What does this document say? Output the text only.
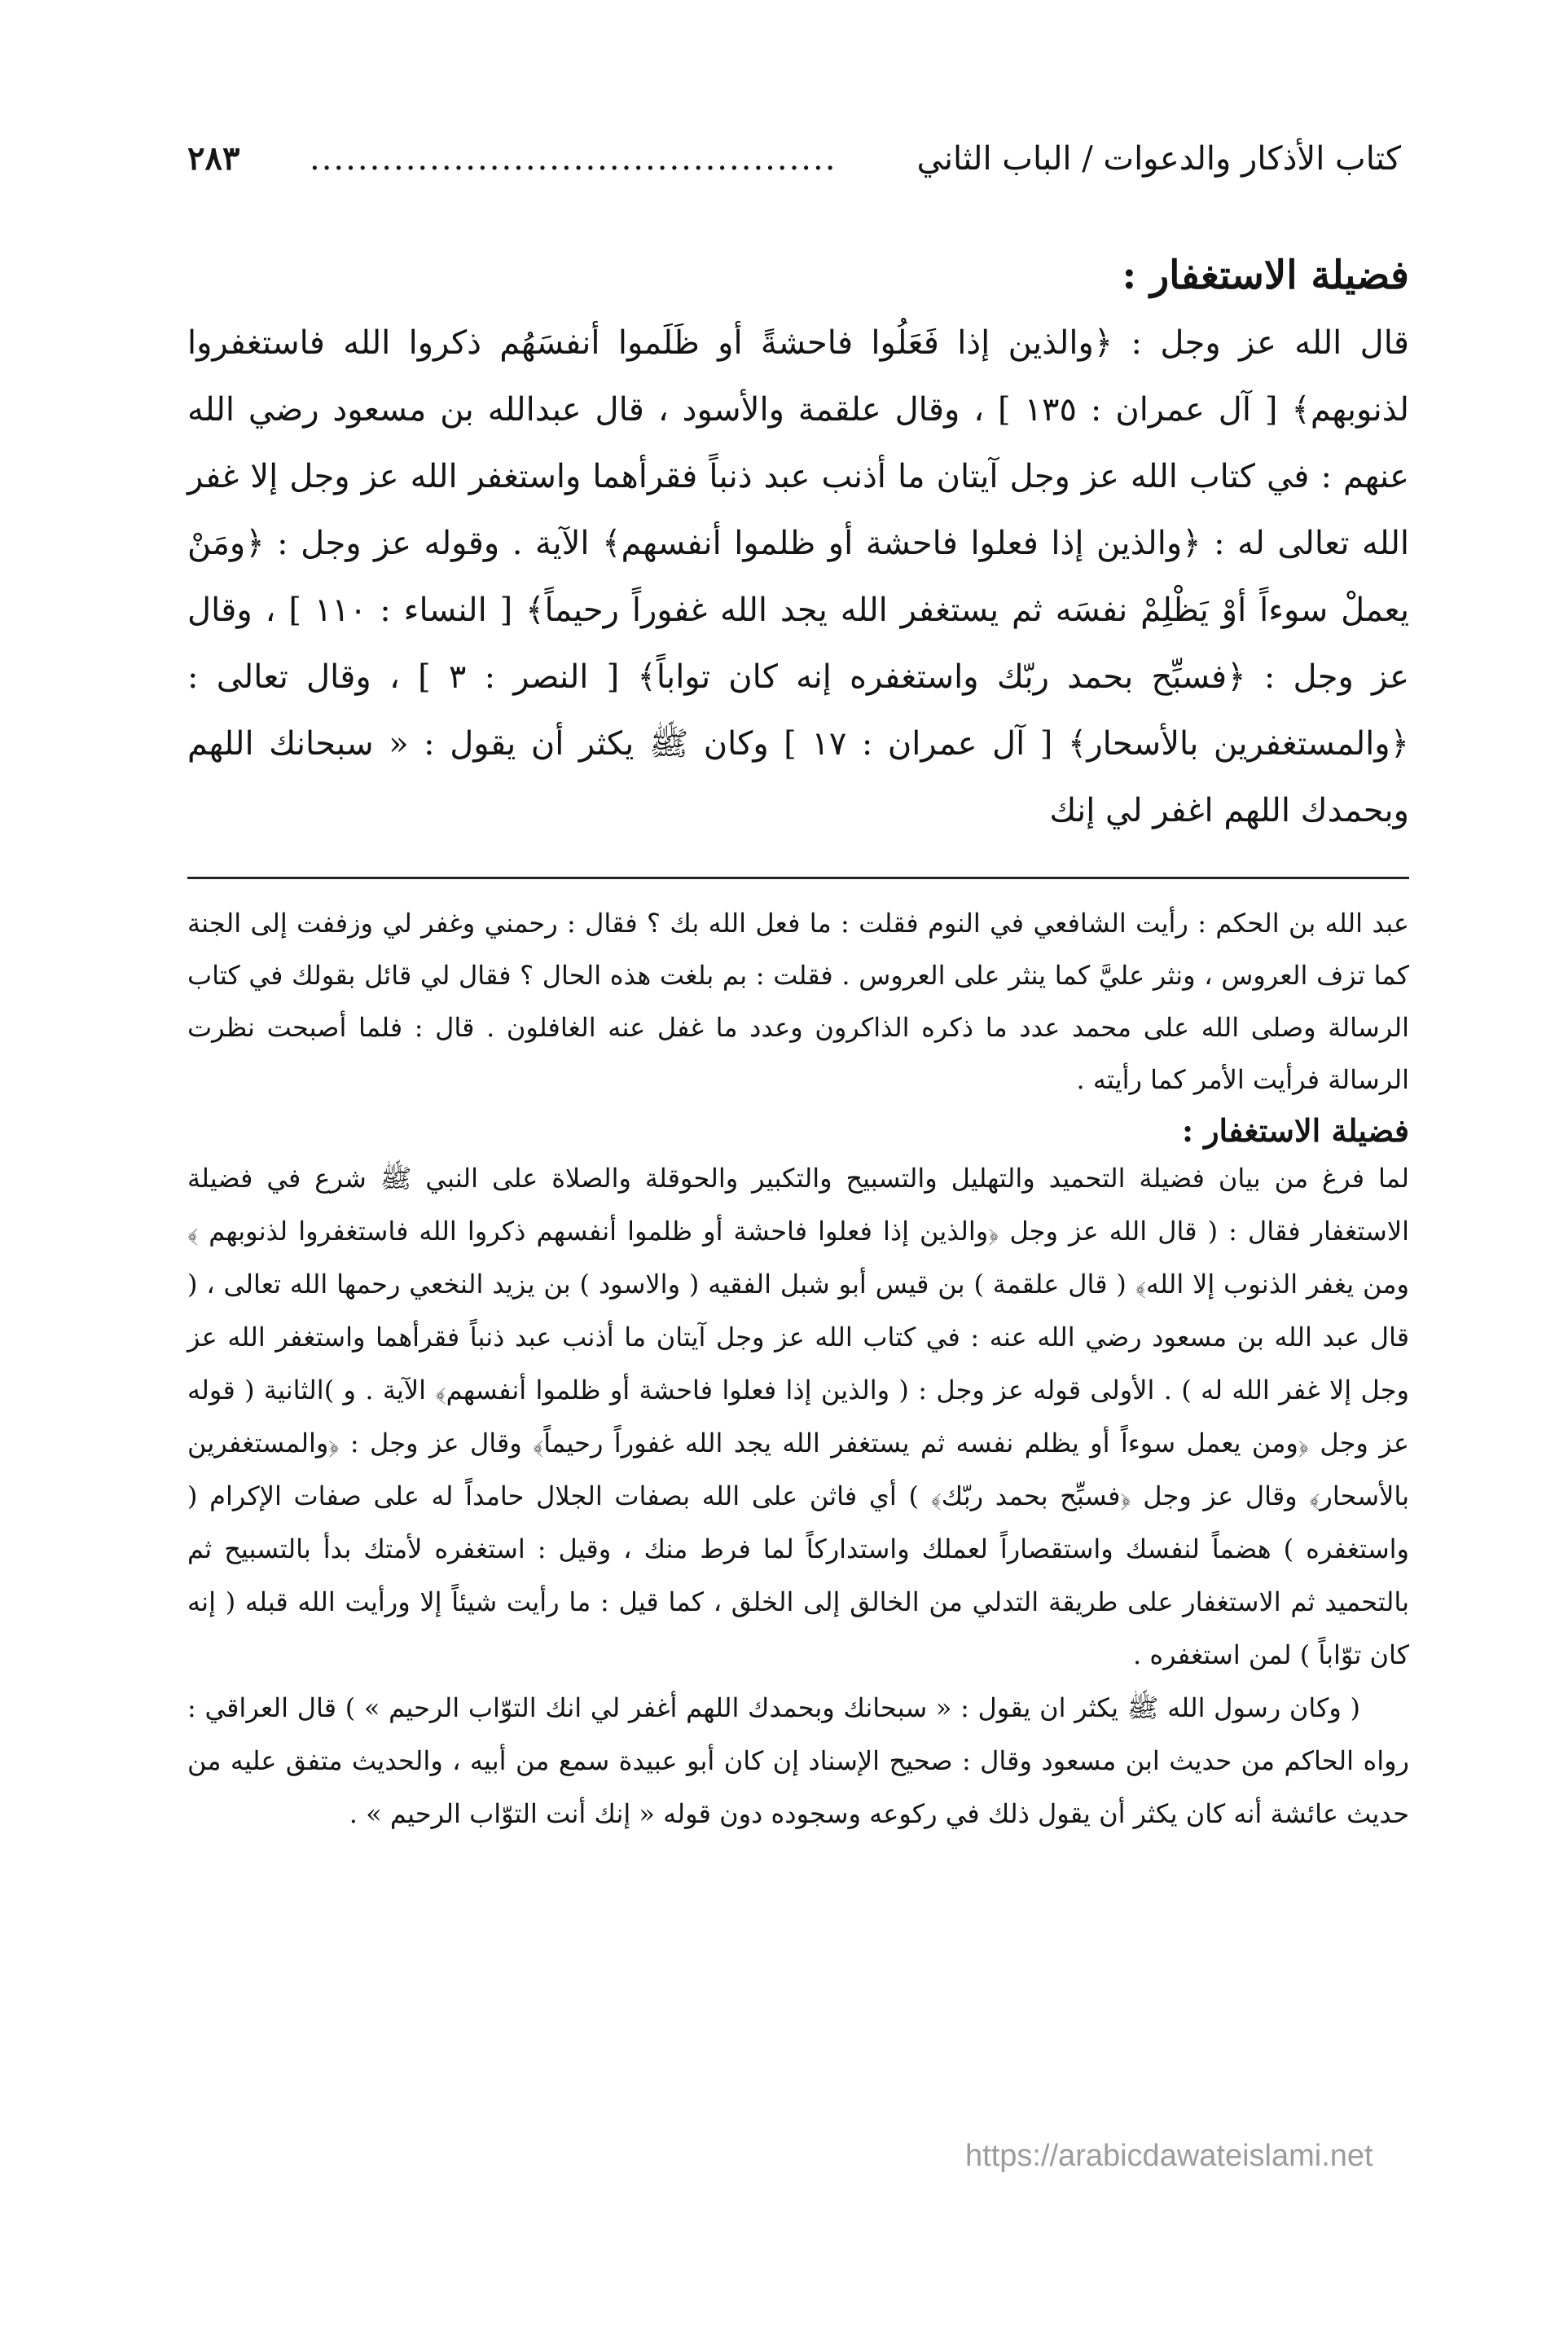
كتاب الأذكار والدعوات / الباب الثاني
............................................
٢٨٣
فضيلة الاستغفار :

قال الله عز وجل : ﴿والذين إذا فَعَلُوا فاحشةً أو ظَلَموا أنفسَهُم ذكروا الله فاستغفروا لذنوبهم﴾ [ آل عمران : ١٣٥ ] ، وقال علقمة والأسود ، قال عبدالله بن مسعود رضي الله عنهم : في كتاب الله عز وجل آيتان ما أذنب عبد ذنباً فقرأهما واستغفر الله عز وجل إلا غفر الله تعالى له : ﴿والذين إذا فعلوا فاحشة أو ظلموا أنفسهم﴾ الآية . وقوله عز وجل : ﴿ومَنْ يعملْ سوءاً أوْ يَظْلِمْ نفسَه ثم يستغفر الله يجد الله غفوراً رحيماً﴾ [ النساء : ١١٠ ] ، وقال عز وجل : ﴿فسبِّح بحمد ربّك واستغفره إنه كان تواباً﴾ [ النصر : ٣ ] ، وقال تعالى : ﴿والمستغفرين بالأسحار﴾ [ آل عمران : ١٧ ] وكان ﷺ يكثر أن يقول : « سبحانك اللهم وبحمدك اللهم اغفر لي إنك

عبد الله بن الحكم : رأيت الشافعي في النوم فقلت : ما فعل الله بك ؟ فقال : رحمني وغفر لي وزففت إلى الجنة كما تزف العروس ، ونثر عليَّ كما ينثر على العروس . فقلت : بم بلغت هذه الحال ؟ فقال لي قائل بقولك في كتاب الرسالة وصلى الله على محمد عدد ما ذكره الذاكرون وعدد ما غفل عنه الغافلون . قال : فلما أصبحت نظرت الرسالة فرأيت الأمر كما رأيته .

فضيلة الاستغفار :

لما فرغ من بيان فضيلة التحميد والتهليل والتسبيح والتكبير والحوقلة والصلاة على النبي ﷺ شرع في فضيلة الاستغفار فقال : ( قال الله عز وجل ﴿والذين إذا فعلوا فاحشة أو ظلموا أنفسهم ذكروا الله فاستغفروا لذنوبهم ﴾ومن يغفر الذنوب إلا الله﴾ ( قال علقمة ) بن قيس أبو شبل الفقيه ( والاسود ) بن يزيد النخعي رحمها الله تعالى ، ( قال عبد الله بن مسعود رضي الله عنه : في كتاب الله عز وجل آيتان ما أذنب عبد ذنباً فقرأهما واستغفر الله عز وجل إلا غفر الله له ) . الأولى قوله عز وجل : ( والذين إذا فعلوا فاحشة أو ظلموا أنفسهم﴾ الآية . و )الثانية ( قوله عز وجل ﴿ومن يعمل سوءاً أو يظلم نفسه ثم يستغفر الله يجد الله غفوراً رحيماً﴾ وقال عز وجل : ﴿والمستغفرين بالأسحار﴾ وقال عز وجل ﴿فسبِّح بحمد ربّك﴾ ) أي فاثن على الله بصفات الجلال حامداً له على صفات الإكرام ( واستغفره ) هضماً لنفسك واستقصاراً لعملك واستداركاً لما فرط منك ، وقيل : استغفره لأمتك بدأ بالتسبيح ثم بالتحميد ثم الاستغفار على طريقة التدلي من الخالق إلى الخلق ، كما قيل : ما رأيت شيئاً إلا ورأيت الله قبله ( إنه كان توّاباً ) لمن استغفره .

( وكان رسول الله ﷺ يكثر ان يقول : « سبحانك وبحمدك اللهم أغفر لي انك التوّاب الرحيم » ) قال العراقي : رواه الحاكم من حديث ابن مسعود وقال : صحيح الإسناد إن كان أبو عبيدة سمع من أبيه ، والحديث متفق عليه من حديث عائشة أنه كان يكثر أن يقول ذلك في ركوعه وسجوده دون قوله « إنك أنت التوّاب الرحيم » .

https://arabicdawateislami.net
